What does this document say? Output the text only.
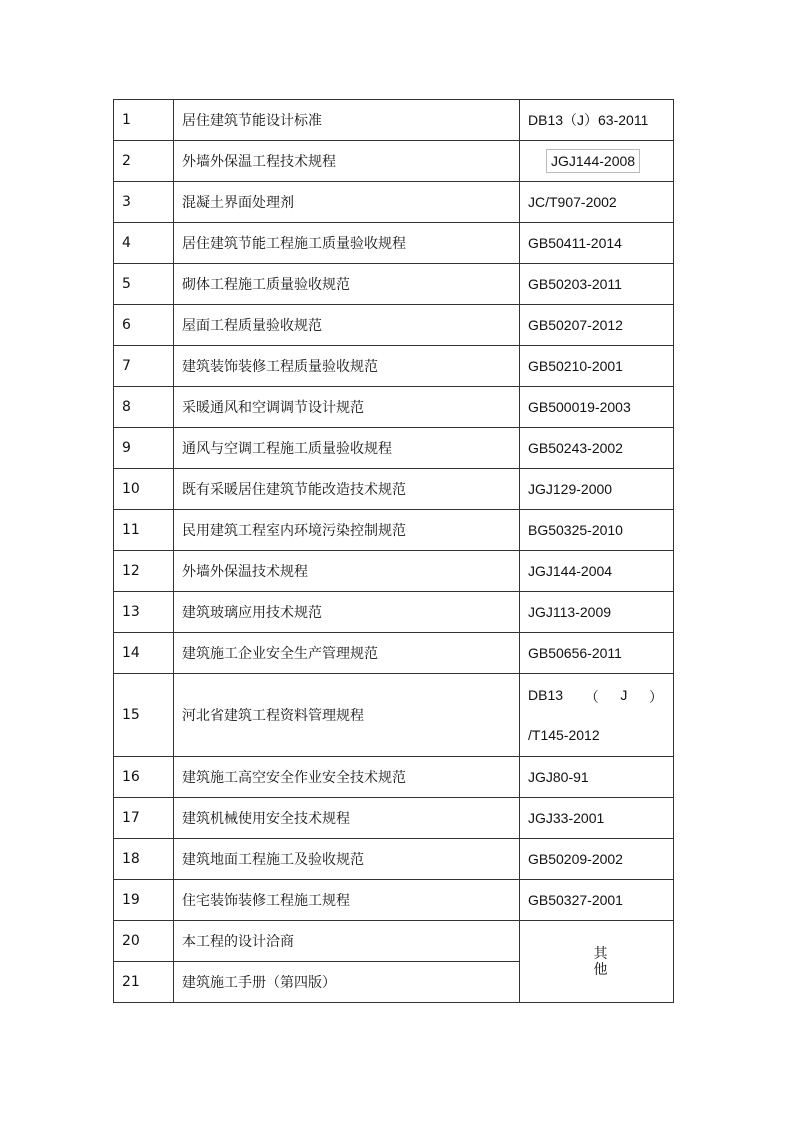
1	居住建筑节能设计标准	DB13（J）63-2011
2	外墙外保温工程技术规程	JGJ144-2008
3	混凝土界面处理剂	JC/T907-2002
4	居住建筑节能工程施工质量验收规程	GB50411-2014
5	砌体工程施工质量验收规范	GB50203-2011
6	屋面工程质量验收规范	GB50207-2012
7	建筑装饰装修工程质量验收规范	GB50210-2001
8	采暖通风和空调调节设计规范	GB500019-2003
9	通风与空调工程施工质量验收规程	GB50243-2002
10	既有采暖居住建筑节能改造技术规范	JGJ129-2000
11	民用建筑工程室内环境污染控制规范	BG50325-2010
12	外墙外保温技术规程	JGJ144-2004
13	建筑玻璃应用技术规范	JGJ113-2009
14	建筑施工企业安全生产管理规范	GB50656-2011
15	河北省建筑工程资料管理规程	DB13 （ J ）
/T145-2012

16	建筑施工高空安全作业安全技术规范	JGJ80-91
17	建筑机械使用安全技术规程	JGJ33-2001
18	建筑地面工程施工及验收规范	GB50209-2002
19	住宅装饰装修工程施工规程	GB50327-2001
20	本工程的设计洽商	其他
21	建筑施工手册（第四版）	
